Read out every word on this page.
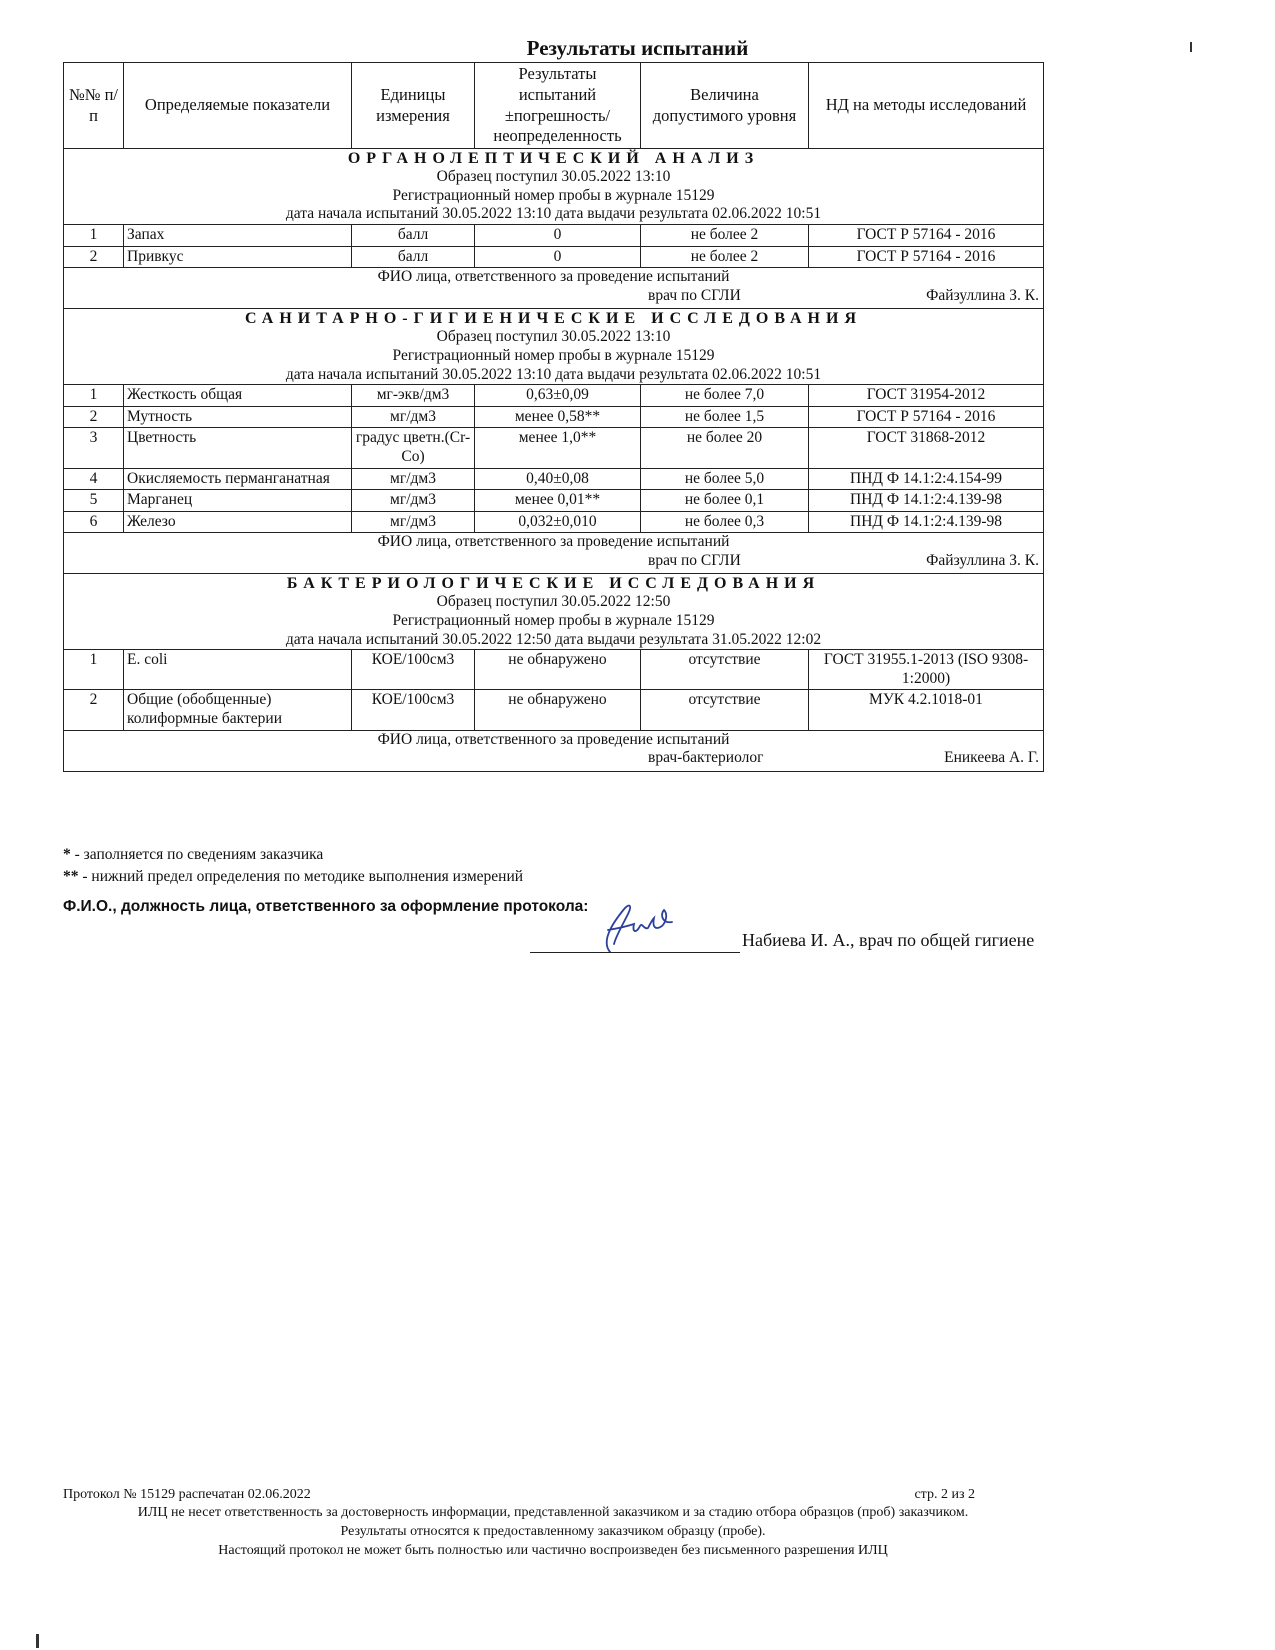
Результаты испытаний
№№ п/п	Определяемые показатели	Единицы измерения	Результаты испытаний ±погрешность/ неопределенность	Величина допустимого уровня	НД на методы исследований

ОРГАНОЛЕПТИЧЕСКИЙ АНАЛИЗ
Образец поступил 30.05.2022 13:10
Регистрационный номер пробы в журнале 15129
дата начала испытаний 30.05.2022 13:10 дата выдачи результата 02.06.2022 10:51					

1	Запах	балл	0	не более 2	ГОСТ Р 57164 - 2016
2	Привкус	балл	0	не более 2	ГОСТ Р 57164 - 2016

ФИО лица, ответственного за проведение испытаний
врач по СГЛИ Файзуллина З. К.					

САНИТАРНО-ГИГИЕНИЧЕСКИЕ ИССЛЕДОВАНИЯ
Образец поступил 30.05.2022 13:10
Регистрационный номер пробы в журнале 15129
дата начала испытаний 30.05.2022 13:10 дата выдачи результата 02.06.2022 10:51					

1	Жесткость общая	мг-экв/дм3	0,63±0,09	не более 7,0	ГОСТ 31954-2012
2	Мутность	мг/дм3	менее 0,58**	не более 1,5	ГОСТ Р 57164 - 2016
3	Цветность	градус цветн.(Cr-Co)	менее 1,0**	не более 20	ГОСТ 31868-2012
4	Окисляемость перманганатная	мг/дм3	0,40±0,08	не более 5,0	ПНД Ф 14.1:2:4.154-99
5	Марганец	мг/дм3	менее 0,01**	не более 0,1	ПНД Ф 14.1:2:4.139-98
6	Железо	мг/дм3	0,032±0,010	не более 0,3	ПНД Ф 14.1:2:4.139-98

ФИО лица, ответственного за проведение испытаний
врач по СГЛИ Файзуллина З. К.					

БАКТЕРИОЛОГИЧЕСКИЕ ИССЛЕДОВАНИЯ
Образец поступил 30.05.2022 12:50
Регистрационный номер пробы в журнале 15129
дата начала испытаний 30.05.2022 12:50 дата выдачи результата 31.05.2022 12:02					

1	E. coli	КОЕ/100см3	не обнаружено	отсутствие	ГОСТ 31955.1-2013 (ISO 9308-1:2000)
2	Общие (обобщенные) колиформные бактерии	КОЕ/100см3	не обнаружено	отсутствие	МУК 4.2.1018-01

ФИО лица, ответственного за проведение испытаний
врач-бактериолог Еникеева А. Г.					
* - заполняется по сведениям заказчика
** - нижний предел определения по методике выполнения измерений
Ф.И.О., должность лица, ответственного за оформление протокола:
Набиева И. А., врач по общей гигиене
Протокол № 15129 распечатан 02.06.2022	стр. 2 из 2
ИЛЦ не несет ответственность за достоверность информации, представленной заказчиком и за стадию отбора образцов (проб) заказчиком.
Результаты относятся к предоставленному заказчиком образцу (пробе).
Настоящий протокол не может быть полностью или частично воспроизведен без письменного разрешения ИЛЦ
